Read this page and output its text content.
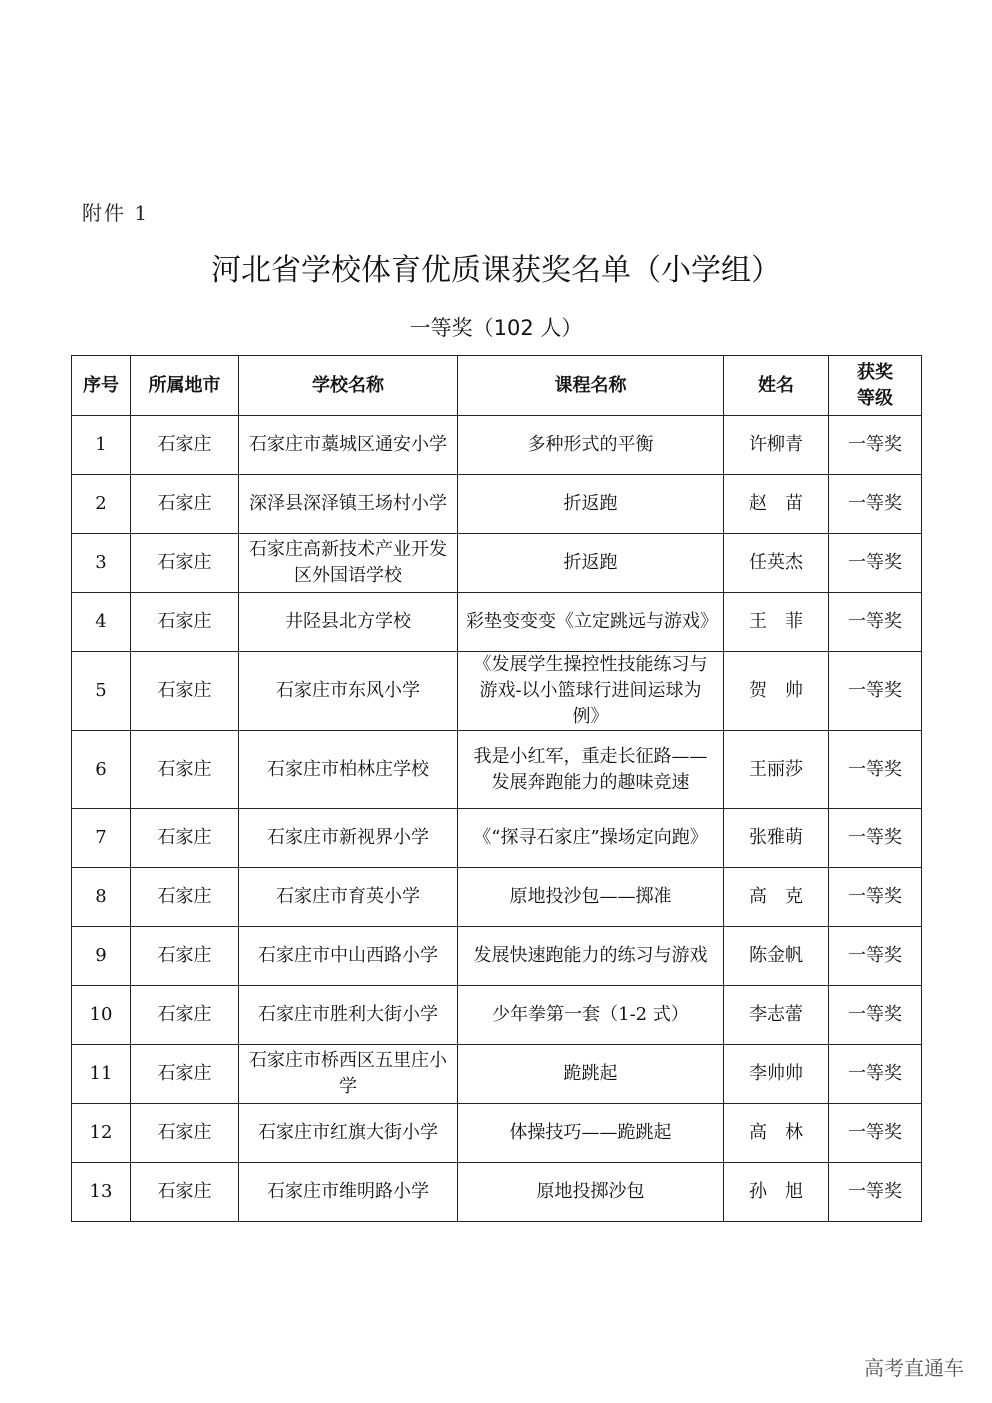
附件 1
河北省学校体育优质课获奖名单（小学组）
一等奖（102 人）
序号	所属地市	学校名称	课程名称	姓名	获奖等级
1	石家庄	石家庄市藁城区通安小学	多种形式的平衡	许柳青	一等奖
2	石家庄	深泽县深泽镇王场村小学	折返跑	赵　苗	一等奖
3	石家庄	石家庄高新技术产业开发区外国语学校	折返跑	任英杰	一等奖
4	石家庄	井陉县北方学校	彩垫变变变《立定跳远与游戏》	王　菲	一等奖
5	石家庄	石家庄市东风小学	《发展学生操控性技能练习与游戏-以小篮球行进间运球为例》	贺　帅	一等奖
6	石家庄	石家庄市柏林庄学校	我是小红军，重走长征路——发展奔跑能力的趣味竞速	王丽莎	一等奖
7	石家庄	石家庄市新视界小学	《“探寻石家庄”操场定向跑》	张雅萌	一等奖
8	石家庄	石家庄市育英小学	原地投沙包——掷准	高　克	一等奖
9	石家庄	石家庄市中山西路小学	发展快速跑能力的练习与游戏	陈金帆	一等奖
10	石家庄	石家庄市胜利大街小学	少年拳第一套（1-2 式）	李志蕾	一等奖
11	石家庄	石家庄市桥西区五里庄小学	跪跳起	李帅帅	一等奖
12	石家庄	石家庄市红旗大街小学	体操技巧——跪跳起	高　林	一等奖
13	石家庄	石家庄市维明路小学	原地投掷沙包	孙　旭	一等奖
高考直通车
